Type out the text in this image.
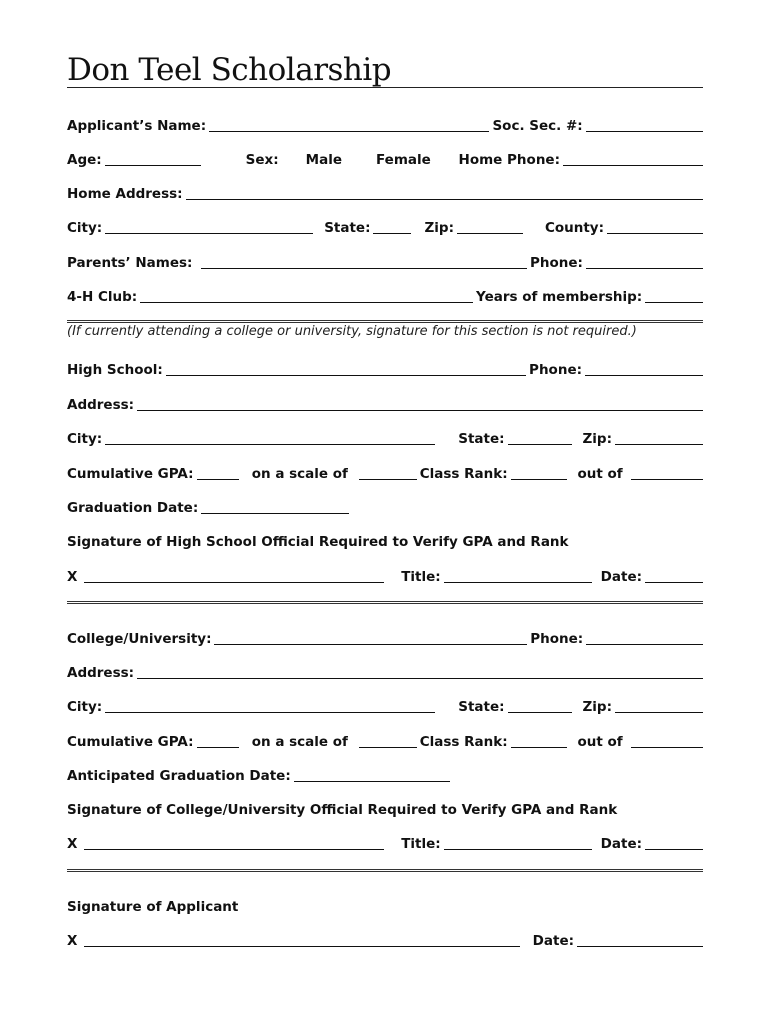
Don Teel Scholarship
Applicant’s Name:	Soc. Sec. #:
Age:	Sex: Male	Female Home Phone:
Home Address:
City:	State:	Zip:	County:
Parents’ Names:	Phone:
4-H Club:	Years of membership:
(If currently attending a college or university, signature for this section is not required.)
High School:	Phone:
Address:
City:	State:	Zip:
Cumulative GPA:	on a scale of	Class Rank:	out of
Graduation Date:
Signature of High School Official Required to Verify GPA and Rank
X	Title:	Date:
College/University:	Phone:
Address:
City:	State:	Zip:
Cumulative GPA:	on a scale of	Class Rank:	out of
Anticipated Graduation Date:
Signature of College/University Official Required to Verify GPA and Rank
X	Title:	Date:
Signature of Applicant
X	Date:
